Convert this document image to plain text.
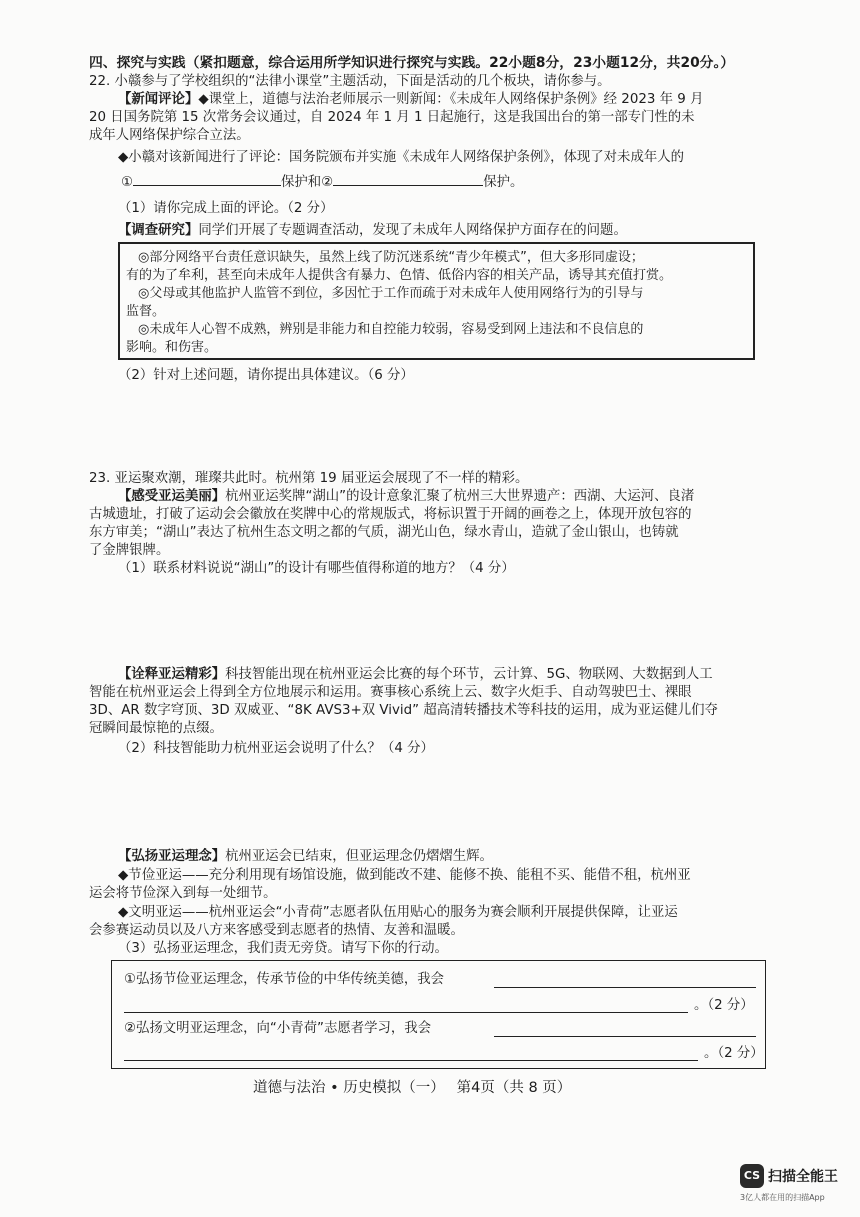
四、探究与实践（紧扣题意，综合运用所学知识进行探究与实践。22小题8分，23小题12分，共20分。）
22. 小赣参与了学校组织的“法律小课堂”主题活动，下面是活动的几个板块，请你参与。
【新闻评论】◆课堂上，道德与法治老师展示一则新闻：《未成年人网络保护条例》经 2023 年 9 月
20 日国务院第 15 次常务会议通过，自 2024 年 1 月 1 日起施行，这是我国出台的第一部专门性的未
成年人网络保护综合立法。
◆小赣对该新闻进行了评论：国务院颁布并实施《未成年人网络保护条例》，体现了对未成年人的
①	保护和②	保护。
（1）请你完成上面的评论。（2 分）
【调查研究】同学们开展了专题调查活动，发现了未成年人网络保护方面存在的问题。
◎部分网络平台责任意识缺失，虽然上线了防沉迷系统“青少年模式”，但大多形同虚设；
有的为了牟利，甚至向未成年人提供含有暴力、色情、低俗内容的相关产品，诱导其充值打赏。
◎父母或其他监护人监管不到位，多因忙于工作而疏于对未成年人使用网络行为的引导与
监督。
◎未成年人心智不成熟，辨别是非能力和自控能力较弱，容易受到网上违法和不良信息的
影响。和伤害。
（2）针对上述问题，请你提出具体建议。（6 分）
23. 亚运聚欢潮，璀璨共此时。杭州第 19 届亚运会展现了不一样的精彩。
【感受亚运美丽】杭州亚运奖牌“湖山”的设计意象汇聚了杭州三大世界遗产：西湖、大运河、良渚
古城遗址，打破了运动会会徽放在奖牌中心的常规版式，将标识置于开阔的画卷之上，体现开放包容的
东方审美；“湖山”表达了杭州生态文明之都的气质，湖光山色，绿水青山，造就了金山银山，也铸就
了金牌银牌。
（1）联系材料说说“湖山”的设计有哪些值得称道的地方？（4 分）
【诠释亚运精彩】科技智能出现在杭州亚运会比赛的每个环节，云计算、5G、物联网、大数据到人工
智能在杭州亚运会上得到全方位地展示和运用。赛事核心系统上云、数字火炬手、自动驾驶巴士、裸眼
3D、AR 数字穹顶、3D 双威亚、“8K AVS3+双 Vivid” 超高清转播技术等科技的运用，成为亚运健儿们夺
冠瞬间最惊艳的点缀。
（2）科技智能助力杭州亚运会说明了什么？（4 分）
【弘扬亚运理念】杭州亚运会已结束，但亚运理念仍熠熠生辉。
◆节俭亚运——充分利用现有场馆设施，做到能改不建、能修不换、能租不买、能借不租，杭州亚
运会将节俭深入到每一处细节。
◆文明亚运——杭州亚运会“小青荷”志愿者队伍用贴心的服务为赛会顺利开展提供保障，让亚运
会参赛运动员以及八方来客感受到志愿者的热情、友善和温暖。
（3）弘扬亚运理念，我们责无旁贷。请写下你的行动。
①弘扬节俭亚运理念，传承节俭的中华传统美德，我会
。（2 分）
②弘扬文明亚运理念，向“小青荷”志愿者学习，我会
。（2 分）
道德与法治 • 历史模拟（一）　 第4页（共 8 页）
CS 扫描全能王
3亿人都在用的扫描App
